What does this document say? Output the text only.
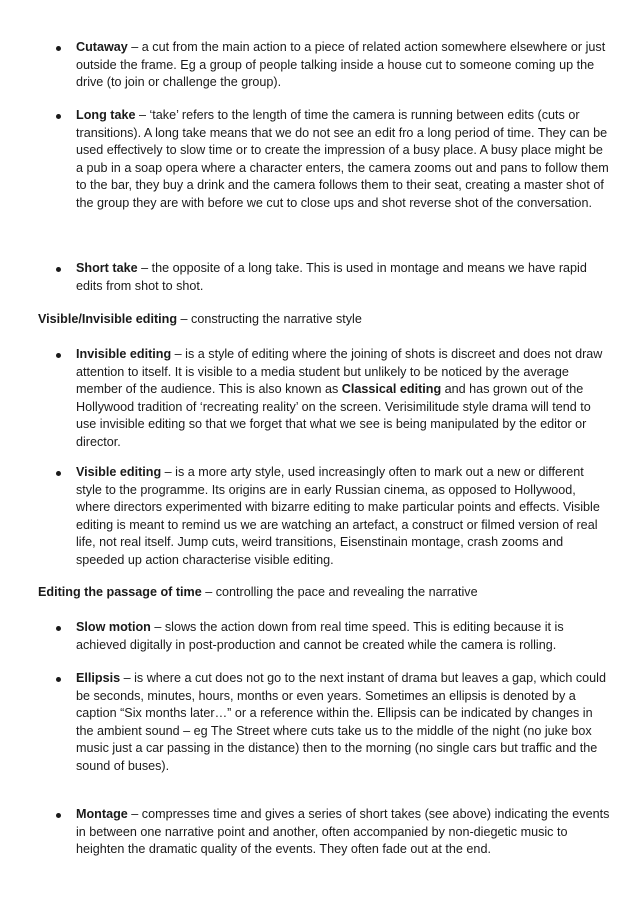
Cutaway – a cut from the main action to a piece of related action somewhere elsewhere or just outside the frame. Eg a group of people talking inside a house cut to someone coming up the drive (to join or challenge the group).
Long take – ‘take’ refers to the length of time the camera is running between edits (cuts or transitions). A long take means that we do not see an edit fro a long period of time. They can be used effectively to slow time or to create the impression of a busy place. A busy place might be a pub in a soap opera where a character enters, the camera zooms out and pans to follow them to the bar, they buy a drink and the camera follows them to their seat, creating a master shot of the group they are with before we cut to close ups and shot reverse shot of the conversation.
Short take – the opposite of a long take. This is used in montage and means we have rapid edits from shot to shot.
Visible/Invisible editing – constructing the narrative style
Invisible editing – is a style of editing where the joining of shots is discreet and does not draw attention to itself. It is visible to a media student but unlikely to be noticed by the average member of the audience. This is also known as Classical editing and has grown out of the Hollywood tradition of ‘recreating reality’ on the screen. Verisimilitude style drama will tend to use invisible editing so that we forget that what we see is being manipulated by the editor or director.
Visible editing – is a more arty style, used increasingly often to mark out a new or different style to the programme. Its origins are in early Russian cinema, as opposed to Hollywood, where directors experimented with bizarre editing to make particular points and effects. Visible editing is meant to remind us we are watching an artefact, a construct or filmed version of real life, not real itself. Jump cuts, weird transitions, Eisenstinain montage, crash zooms and speeded up action characterise visible editing.
Editing the passage of time – controlling the pace and revealing the narrative
Slow motion – slows the action down from real time speed. This is editing because it is achieved digitally in post-production and cannot be created while the camera is rolling.
Ellipsis – is where a cut does not go to the next instant of drama but leaves a gap, which could be seconds, minutes, hours, months or even years. Sometimes an ellipsis is denoted by a caption “Six months later…” or a reference within the. Ellipsis can be indicated by changes in the ambient sound – eg The Street where cuts take us to the middle of the night (no juke box music just a car passing in the distance) then to the morning (no single cars but traffic and the sound of buses).
Montage – compresses time and gives a series of short takes (see above) indicating the events in between one narrative point and another, often accompanied by non-diegetic music to heighten the dramatic quality of the events. They often fade out at the end.
